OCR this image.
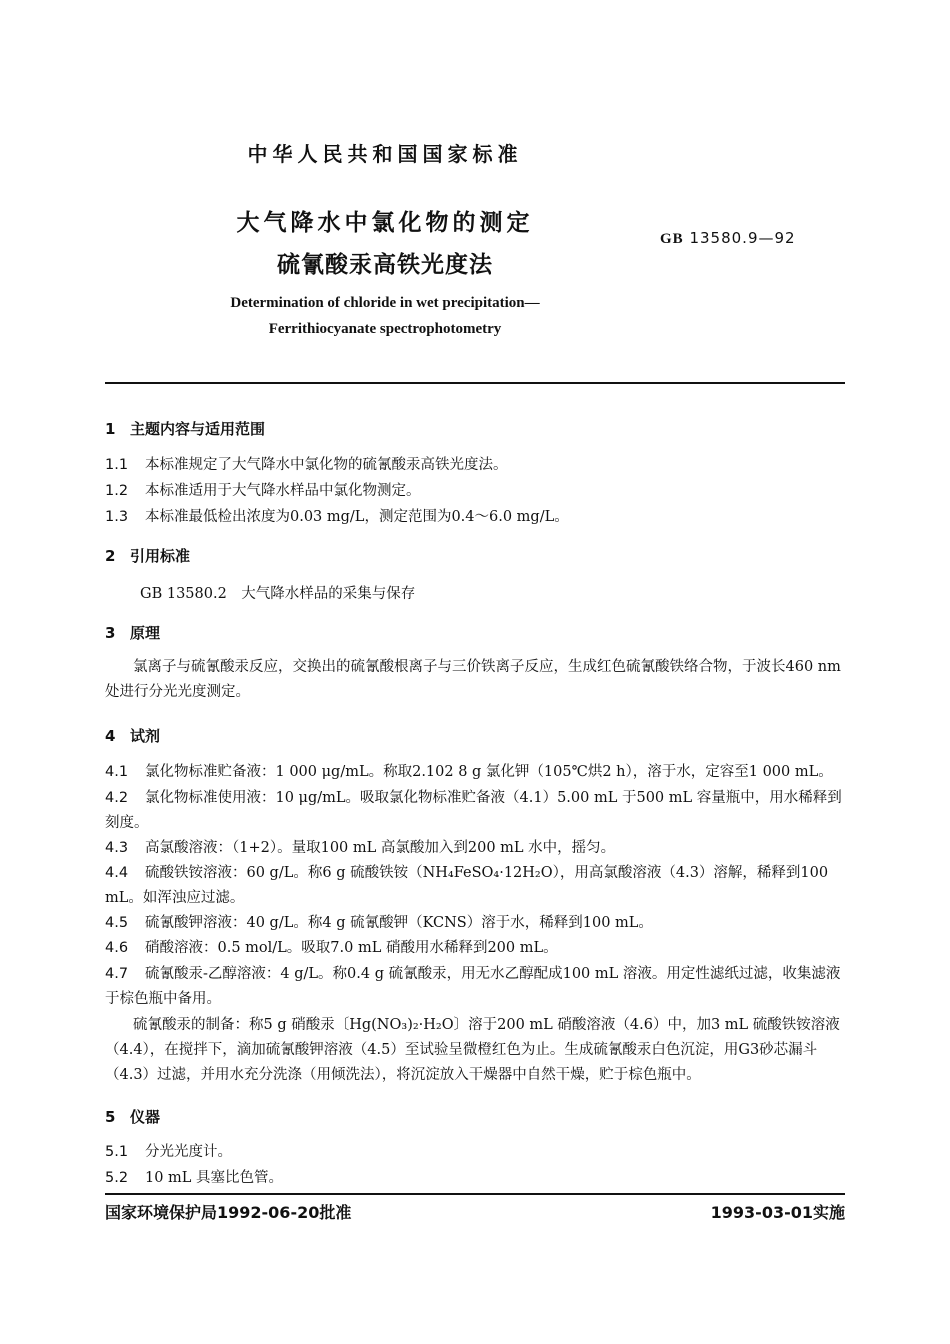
中华人民共和国国家标准
大气降水中氯化物的测定
硫氰酸汞高铁光度法
GB 13580.9—92
Determination of chloride in wet precipitation—
Ferrithiocyanate spectrophotometry
1 主题内容与适用范围
1.1 本标准规定了大气降水中氯化物的硫氰酸汞高铁光度法。
1.2 本标准适用于大气降水样品中氯化物测定。
1.3 本标准最低检出浓度为0.03 mg/L，测定范围为0.4～6.0 mg/L。
2 引用标准
GB 13580.2　大气降水样品的采集与保存
3 原理
氯离子与硫氰酸汞反应，交换出的硫氰酸根离子与三价铁离子反应，生成红色硫氰酸铁络合物，于波长460 nm 处进行分光光度测定。
4 试剂
4.1 氯化物标准贮备液：1 000 μg/mL。称取2.102 8 g 氯化钾（105℃烘2 h），溶于水，定容至1 000 mL。
4.2 氯化物标准使用液：10 μg/mL。吸取氯化物标准贮备液（4.1）5.00 mL 于500 mL 容量瓶中，用水稀释到刻度。
4.3 高氯酸溶液：（1+2）。量取100 mL 高氯酸加入到200 mL 水中，摇匀。
4.4 硫酸铁铵溶液：60 g/L。称6 g 硫酸铁铵（NH₄FeSO₄·12H₂O），用高氯酸溶液（4.3）溶解，稀释到100 mL。如浑浊应过滤。
4.5 硫氰酸钾溶液：40 g/L。称4 g 硫氰酸钾（KCNS）溶于水，稀释到100 mL。
4.6 硝酸溶液：0.5 mol/L。吸取7.0 mL 硝酸用水稀释到200 mL。
4.7 硫氰酸汞-乙醇溶液：4 g/L。称0.4 g 硫氰酸汞，用无水乙醇配成100 mL 溶液。用定性滤纸过滤，收集滤液于棕色瓶中备用。
硫氰酸汞的制备：称5 g 硝酸汞〔Hg(NO₃)₂·H₂O〕溶于200 mL 硝酸溶液（4.6）中，加3 mL 硫酸铁铵溶液（4.4），在搅拌下，滴加硫氰酸钾溶液（4.5）至试验呈微橙红色为止。生成硫氰酸汞白色沉淀，用G3砂芯漏斗（4.3）过滤，并用水充分洗涤（用倾洗法），将沉淀放入干燥器中自然干燥，贮于棕色瓶中。
5 仪器
5.1 分光光度计。
5.2 10 mL 具塞比色管。
国家环境保护局1992-06-20批准	1993-03-01实施
